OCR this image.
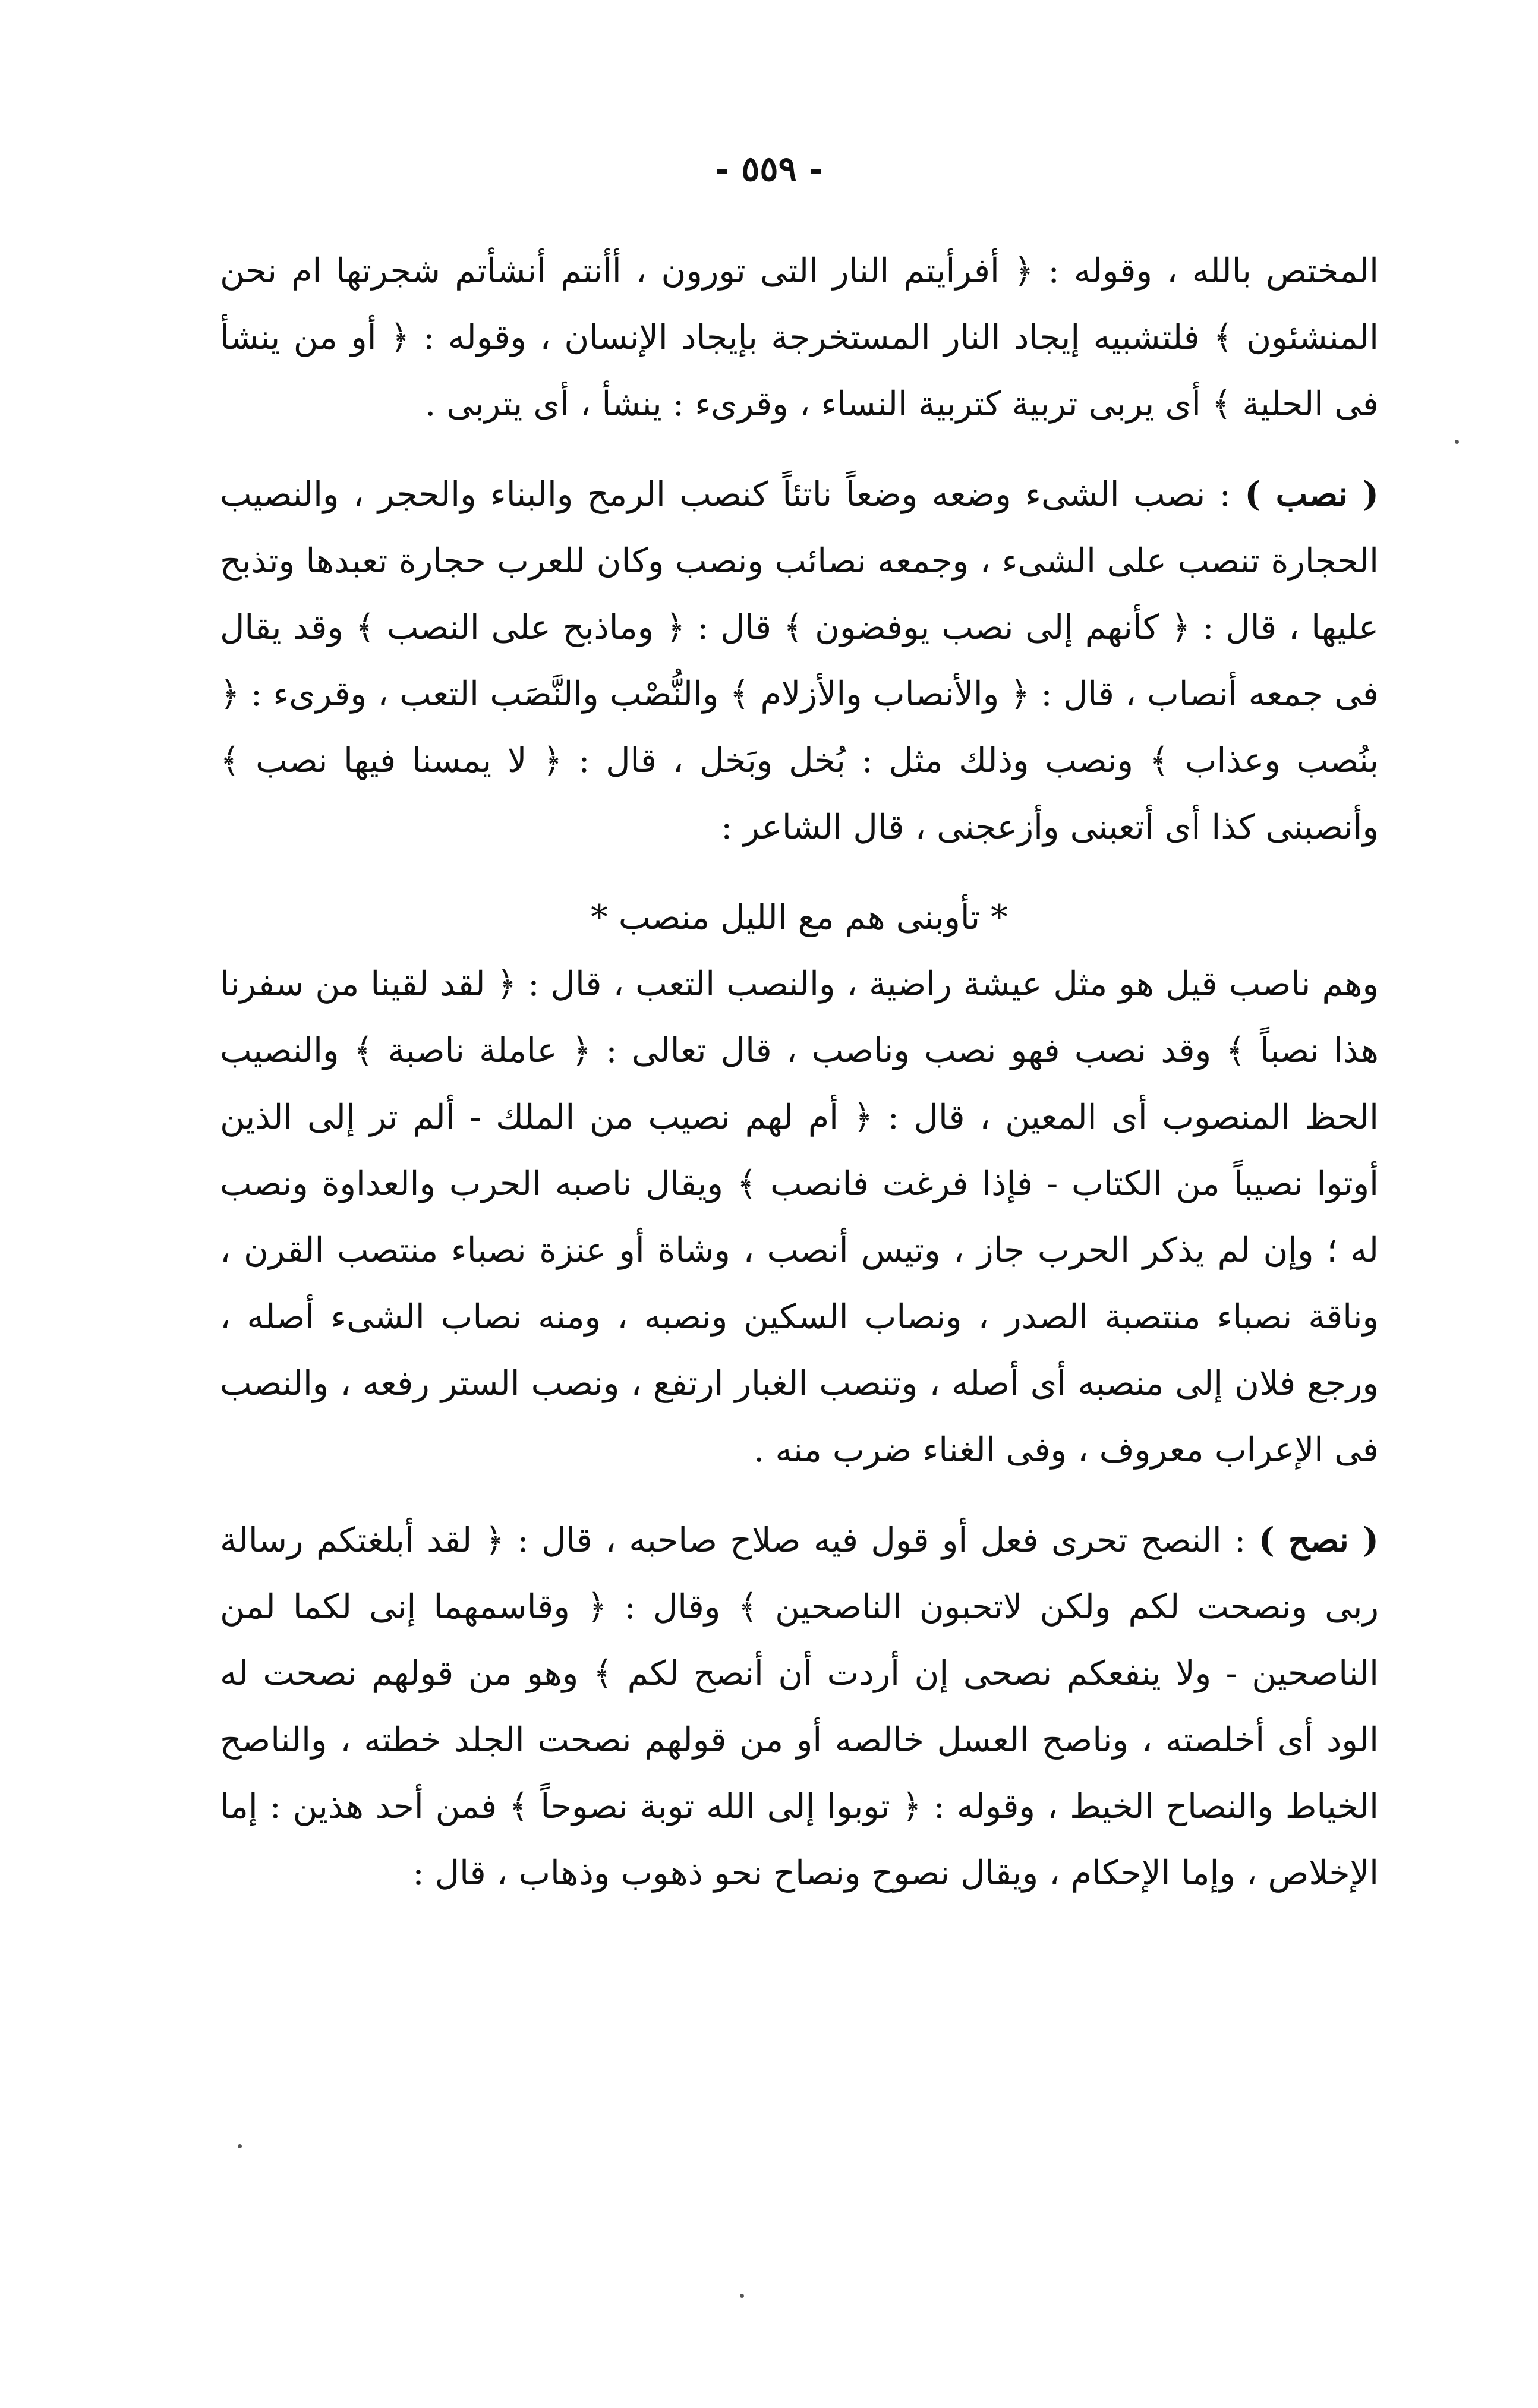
- ٥٥٩ -

المختص بالله ، وقوله : ﴿ أفرأيتم النار التى تورون ، أأنتم أنشأتم شجرتها ام نحن المنشئون ﴾ فلتشبيه إيجاد النار المستخرجة بإيجاد الإنسان ، وقوله : ﴿ أو من ينشأ فى الحلية ﴾ أى يربى تربية كتربية النساء ، وقرىء : ينشأ ، أى يتربى .

( نصب ) : نصب الشىء وضعه وضعاً ناتئاً كنصب الرمح والبناء والحجر ، والنصيب الحجارة تنصب على الشىء ، وجمعه نصائب ونصب وكان للعرب حجارة تعبدها وتذبح عليها ، قال : ﴿ كأنهم إلى نصب يوفضون ﴾ قال : ﴿ وماذبح على النصب ﴾ وقد يقال فى جمعه أنصاب ، قال : ﴿ والأنصاب والأزلام ﴾ والنُّصْب والنَّصَب التعب ، وقرىء : ﴿ بنُصب وعذاب ﴾ ونصب وذلك مثل : بُخل وبَخل ، قال : ﴿ لا يمسنا فيها نصب ﴾ وأنصبنى كذا أى أتعبنى وأزعجنى ، قال الشاعر :

* تأوبنى هم مع الليل منصب *

وهم ناصب قيل هو مثل عيشة راضية ، والنصب التعب ، قال : ﴿ لقد لقينا من سفرنا هذا نصباً ﴾ وقد نصب فهو نصب وناصب ، قال تعالى : ﴿ عاملة ناصبة ﴾ والنصيب الحظ المنصوب أى المعين ، قال : ﴿ أم لهم نصيب من الملك - ألم تر إلى الذين أوتوا نصيباً من الكتاب - فإذا فرغت فانصب ﴾ ويقال ناصبه الحرب والعداوة ونصب له ؛ وإن لم يذكر الحرب جاز ، وتيس أنصب ، وشاة أو عنزة نصباء منتصب القرن ، وناقة نصباء منتصبة الصدر ، ونصاب السكين ونصبه ، ومنه نصاب الشىء أصله ، ورجع فلان إلى منصبه أى أصله ، وتنصب الغبار ارتفع ، ونصب الستر رفعه ، والنصب فى الإعراب معروف ، وفى الغناء ضرب منه .

( نصح ) : النصح تحرى فعل أو قول فيه صلاح صاحبه ، قال : ﴿ لقد أبلغتكم رسالة ربى ونصحت لكم ولكن لاتحبون الناصحين ﴾ وقال : ﴿ وقاسمهما إنى لكما لمن الناصحين - ولا ينفعكم نصحى إن أردت أن أنصح لكم ﴾ وهو من قولهم نصحت له الود أى أخلصته ، وناصح العسل خالصه أو من قولهم نصحت الجلد خطته ، والناصح الخياط والنصاح الخيط ، وقوله : ﴿ توبوا إلى الله توبة نصوحاً ﴾ فمن أحد هذين : إما الإخلاص ، وإما الإحكام ، ويقال نصوح ونصاح نحو ذهوب وذهاب ، قال :
